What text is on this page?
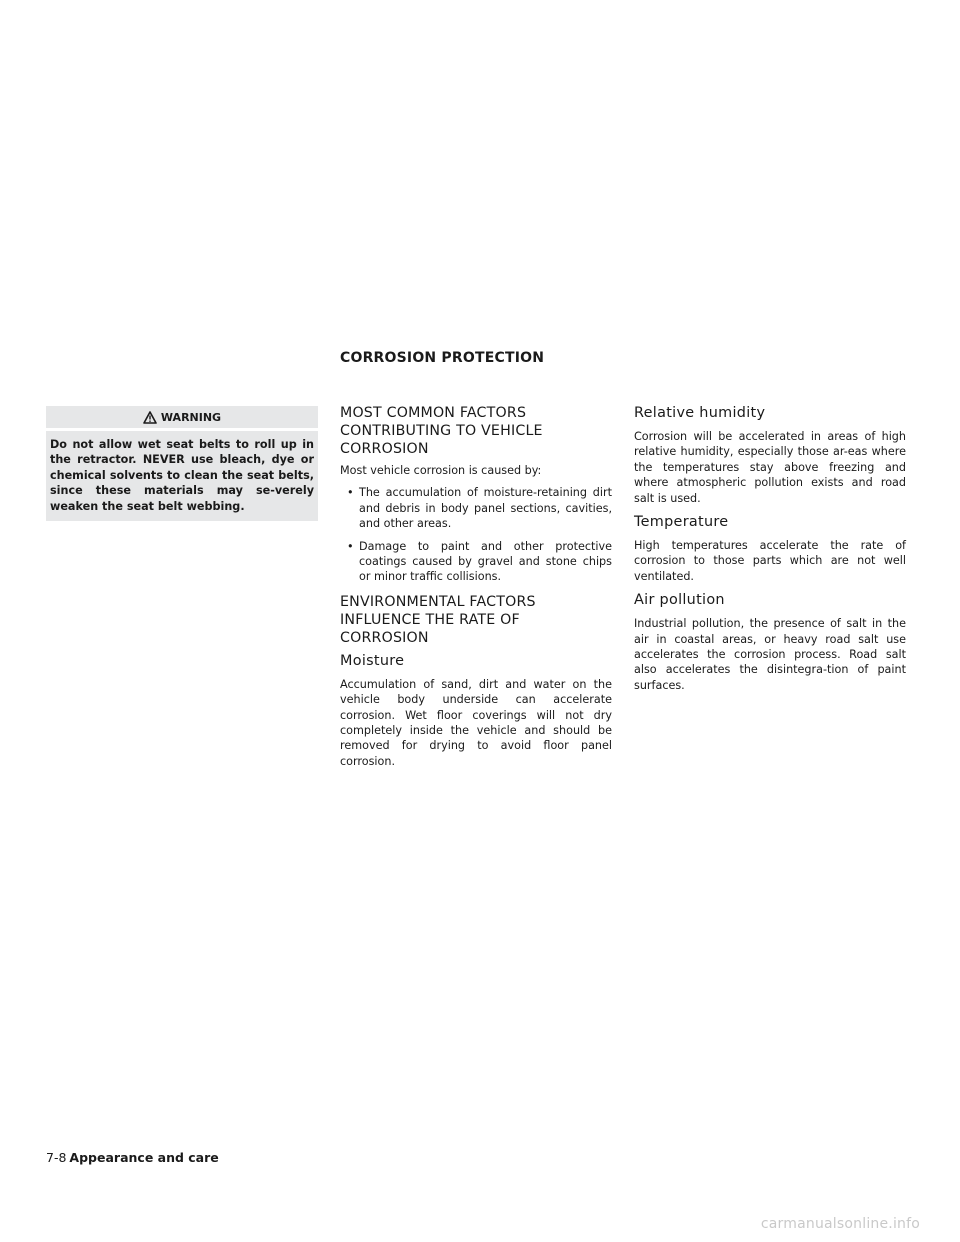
CORROSION PROTECTION
WARNING
Do not allow wet seat belts to roll up in the retractor. NEVER use bleach, dye or chemical solvents to clean the seat belts, since these materials may se-verely weaken the seat belt webbing.
MOST COMMON FACTORS CONTRIBUTING TO VEHICLE CORROSION

Most vehicle corrosion is caused by:

• The accumulation of moisture-retaining dirt and debris in body panel sections, cavities, and other areas.
• Damage to paint and other protective coatings caused by gravel and stone chips or minor traffic collisions.
ENVIRONMENTAL FACTORS INFLUENCE THE RATE OF CORROSION
Moisture

Accumulation of sand, dirt and water on the vehicle body underside can accelerate corrosion. Wet floor coverings will not dry completely inside the vehicle and should be removed for drying to avoid floor panel corrosion.

Relative humidity

Corrosion will be accelerated in areas of high relative humidity, especially those ar-eas where the temperatures stay above freezing and where atmospheric pollution exists and road salt is used.

Temperature

High temperatures accelerate the rate of corrosion to those parts which are not well ventilated.

Air pollution

Industrial pollution, the presence of salt in the air in coastal areas, or heavy road salt use accelerates the corrosion process. Road salt also accelerates the disintegra-tion of paint surfaces.

7-8 Appearance and care
carmanualsonline.info
